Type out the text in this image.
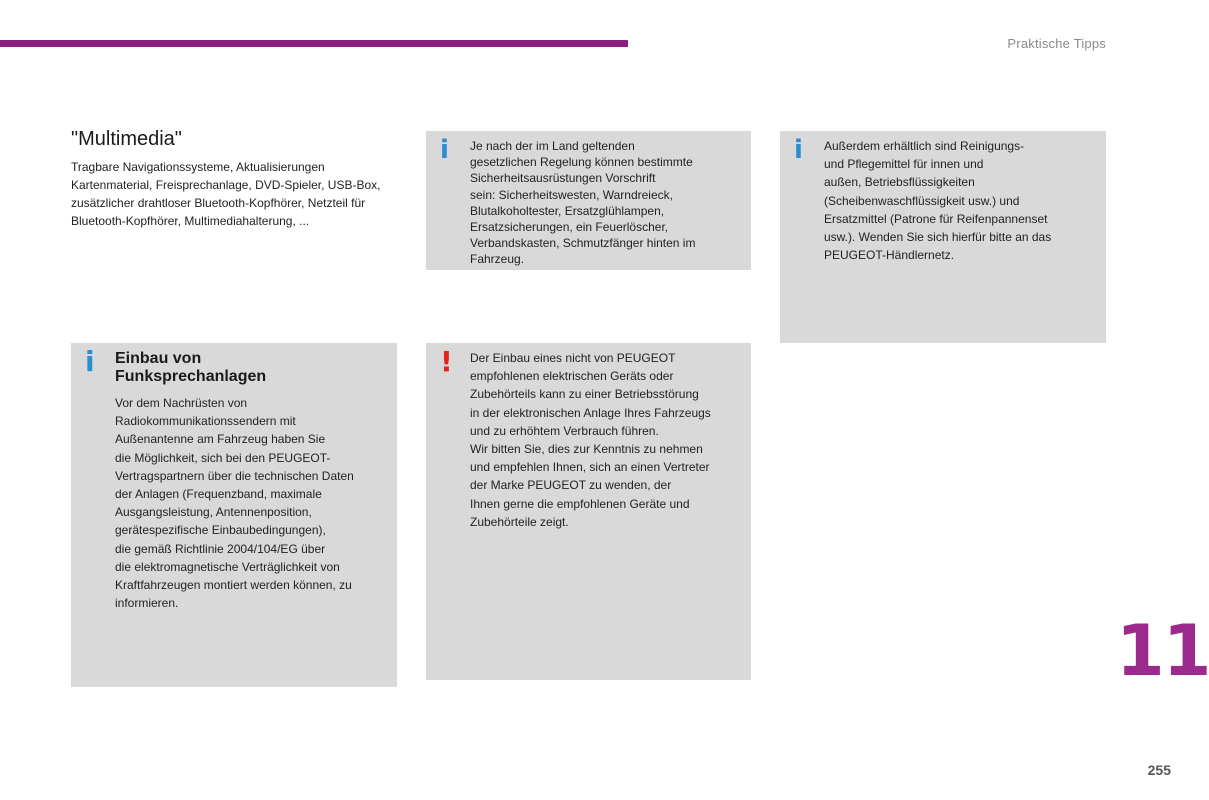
Praktische Tipps
"Multimedia"

Tragbare Navigationssysteme, Aktualisierungen Kartenmaterial, Freisprechanlage, DVD-Spieler, USB-Box, zusätzlicher drahtloser Bluetooth-Kopfhörer, Netzteil für Bluetooth-Kopfhörer, Multimediahalterung, ...

i Je nach der im Land geltenden
gesetzlichen Regelung können bestimmte
Sicherheitsausrüstungen Vorschrift
sein: Sicherheitswesten, Warndreieck,
Blutalkoholtester, Ersatzglühlampen,
Ersatzsicherungen, ein Feuerlöscher,
Verbandskasten, Schmutzfänger hinten im
Fahrzeug.

i Außerdem erhältlich sind Reinigungs-
und Pflegemittel für innen und
außen, Betriebsflüssigkeiten
(Scheibenwaschflüssigkeit usw.) und
Ersatzmittel (Patrone für Reifenpannenset
usw.). Wenden Sie sich hierfür bitte an das
PEUGEOT-Händlernetz.

i Einbau von
Funksprechanlagen

Vor dem Nachrüsten von
Radiokommunikationssendern mit
Außenantenne am Fahrzeug haben Sie
die Möglichkeit, sich bei den PEUGEOT-
Vertragspartnern über die technischen Daten
der Anlagen (Frequenzband, maximale
Ausgangsleistung, Antennenposition,
gerätespezifische Einbaubedingungen),
die gemäß Richtlinie 2004/104/EG über
die elektromagnetische Verträglichkeit von
Kraftfahrzeugen montiert werden können, zu
informieren.

! Der Einbau eines nicht von PEUGEOT
empfohlenen elektrischen Geräts oder
Zubehörteils kann zu einer Betriebsstörung
in der elektronischen Anlage Ihres Fahrzeugs
und zu erhöhtem Verbrauch führen.
Wir bitten Sie, dies zur Kenntnis zu nehmen
und empfehlen Ihnen, sich an einen Vertreter
der Marke PEUGEOT zu wenden, der
Ihnen gerne die empfohlenen Geräte und
Zubehörteile zeigt.

11
255
